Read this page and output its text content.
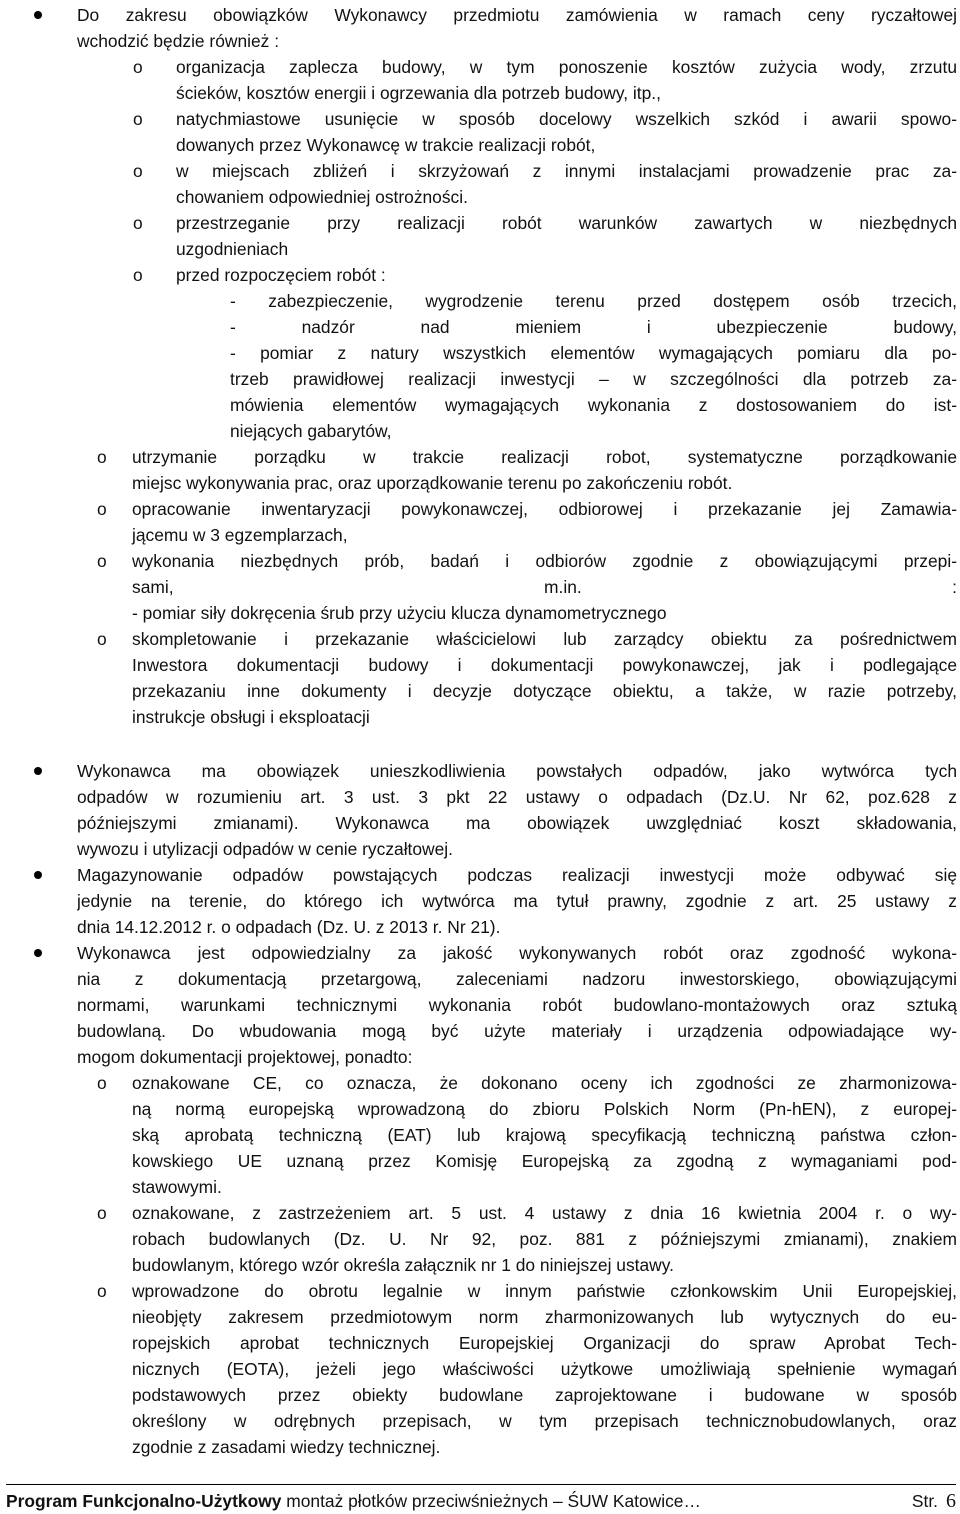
Do zakresu obowiązków Wykonawcy przedmiotu zamówienia w ramach ceny ryczałtowej
wchodzić będzie również :
o organizacja zaplecza budowy, w tym ponoszenie kosztów zużycia wody, zrzutu
ścieków, kosztów energii i ogrzewania dla potrzeb budowy, itp.,
o natychmiastowe usunięcie w sposób docelowy wszelkich szkód i awarii spowo-
dowanych przez Wykonawcę w trakcie realizacji robót,
o w miejscach zbliżeń i skrzyżowań z innymi instalacjami prowadzenie prac za-
chowaniem odpowiedniej ostrożności.
o przestrzeganie przy realizacji robót warunków zawartych w niezbędnych
uzgodnieniach
o przed rozpoczęciem robót :
- zabezpieczenie, wygrodzenie terenu przed dostępem osób trzecich,
- nadzór nad mieniem i ubezpieczenie budowy,
- pomiar z natury wszystkich elementów wymagających pomiaru dla po-
trzeb prawidłowej realizacji inwestycji – w szczególności dla potrzeb za-
mówienia elementów wymagających wykonania z dostosowaniem do ist-
niejących gabarytów,
o utrzymanie porządku w trakcie realizacji robot, systematyczne porządkowanie
miejsc wykonywania prac, oraz uporządkowanie terenu po zakończeniu robót.
o opracowanie inwentaryzacji powykonawczej, odbiorowej i przekazanie jej Zamawia-
jącemu w 3 egzemplarzach,
o wykonania niezbędnych prób, badań i odbiorów zgodnie z obowiązującymi przepi-
sami, m.in. :
- pomiar siły dokręcenia śrub przy użyciu klucza dynamometrycznego
o skompletowanie i przekazanie właścicielowi lub zarządcy obiektu za pośrednictwem
Inwestora dokumentacji budowy i dokumentacji powykonawczej, jak i podlegające
przekazaniu inne dokumenty i decyzje dotyczące obiektu, a także, w razie potrzeby,
instrukcje obsługi i eksploatacji
Wykonawca ma obowiązek unieszkodliwienia powstałych odpadów, jako wytwórca tych
odpadów w rozumieniu art. 3 ust. 3 pkt 22 ustawy o odpadach (Dz.U. Nr 62, poz.628 z
późniejszymi zmianami). Wykonawca ma obowiązek uwzględniać koszt składowania,
wywozu i utylizacji odpadów w cenie ryczałtowej.
Magazynowanie odpadów powstających podczas realizacji inwestycji może odbywać się
jedynie na terenie, do którego ich wytwórca ma tytuł prawny, zgodnie z art. 25 ustawy z
dnia 14.12.2012 r. o odpadach (Dz. U. z 2013 r. Nr 21).
Wykonawca jest odpowiedzialny za jakość wykonywanych robót oraz zgodność wykona-
nia z dokumentacją przetargową, zaleceniami nadzoru inwestorskiego, obowiązującymi
normami, warunkami technicznymi wykonania robót budowlano-montażowych oraz sztuką
budowlaną. Do wbudowania mogą być użyte materiały i urządzenia odpowiadające wy-
mogom dokumentacji projektowej, ponadto:
o oznakowane CE, co oznacza, że dokonano oceny ich zgodności ze zharmonizowa-
ną normą europejską wprowadzoną do zbioru Polskich Norm (Pn-hEN), z europej-
ską aprobatą techniczną (EAT) lub krajową specyfikacją techniczną państwa człon-
kowskiego UE uznaną przez Komisję Europejską za zgodną z wymaganiami pod-
stawowymi.
o oznakowane, z zastrzeżeniem art. 5 ust. 4 ustawy z dnia 16 kwietnia 2004 r. o wy-
robach budowlanych (Dz. U. Nr 92, poz. 881 z późniejszymi zmianami), znakiem
budowlanym, którego wzór określa załącznik nr 1 do niniejszej ustawy.
o wprowadzone do obrotu legalnie w innym państwie członkowskim Unii Europejskiej,
nieobjęty zakresem przedmiotowym norm zharmonizowanych lub wytycznych do eu-
ropejskich aprobat technicznych Europejskiej Organizacji do spraw Aprobat Tech-
nicznych (EOTA), jeżeli jego właściwości użytkowe umożliwiają spełnienie wymagań
podstawowych przez obiekty budowlane zaprojektowane i budowane w sposób
określony w odrębnych przepisach, w tym przepisach technicznobudowlanych, oraz
zgodnie z zasadami wiedzy technicznej.
Program Funkcjonalno-Użytkowy montaż płotków przeciwśnieżnych – ŚUW Katowice…	Str. 6
